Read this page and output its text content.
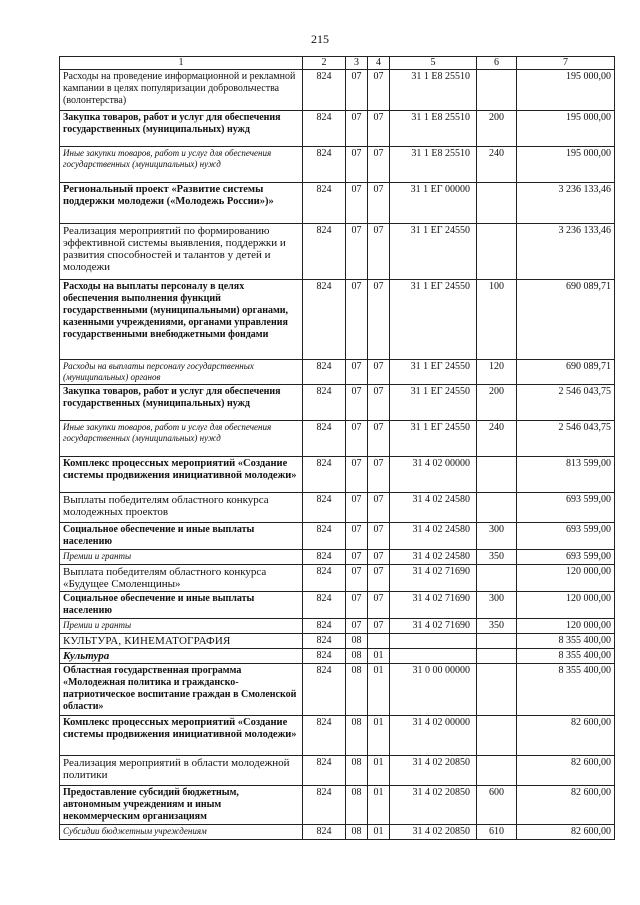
215
1	2	3	4	5	6	7
Расходы на проведение информационной и рекламной кампании в целях популяризации добровольчества (волонтерства)	824	07	07	31 1 Е8 25510		195 000,00
Закупка товаров, работ и услуг для обеспечения государственных (муниципальных) нужд	824	07	07	31 1 Е8 25510	200	195 000,00
Иные закупки товаров, работ и услуг для обеспечения государственных (муниципальных) нужд	824	07	07	31 1 Е8 25510	240	195 000,00
Региональный проект «Развитие системы поддержки молодежи («Молодежь России»)»	824	07	07	31 1 ЕГ 00000		3 236 133,46
Реализация мероприятий по формированию эффективной системы выявления, поддержки и развития способностей и талантов у детей и молодежи	824	07	07	31 1 ЕГ 24550		3 236 133,46
Расходы на выплаты персоналу в целях обеспечения выполнения функций государственными (муниципальными) органами, казенными учреждениями, органами управления государственными внебюджетными фондами	824	07	07	31 1 ЕГ 24550	100	690 089,71
Расходы на выплаты персоналу государственных (муниципальных) органов	824	07	07	31 1 ЕГ 24550	120	690 089,71
Закупка товаров, работ и услуг для обеспечения государственных (муниципальных) нужд	824	07	07	31 1 ЕГ 24550	200	2 546 043,75
Иные закупки товаров, работ и услуг для обеспечения государственных (муниципальных) нужд	824	07	07	31 1 ЕГ 24550	240	2 546 043,75
Комплекс процессных мероприятий «Создание системы продвижения инициативной молодежи»	824	07	07	31 4 02 00000		813 599,00
Выплаты победителям областного конкурса молодежных проектов	824	07	07	31 4 02 24580		693 599,00
Социальное обеспечение и иные выплаты населению	824	07	07	31 4 02 24580	300	693 599,00
Премии и гранты	824	07	07	31 4 02 24580	350	693 599,00
Выплата победителям областного конкурса «Будущее Смоленщины»	824	07	07	31 4 02 71690		120 000,00
Социальное обеспечение и иные выплаты населению	824	07	07	31 4 02 71690	300	120 000,00
Премии и гранты	824	07	07	31 4 02 71690	350	120 000,00
КУЛЬТУРА, КИНЕМАТОГРАФИЯ	824	08				8 355 400,00
Культура	824	08	01			8 355 400,00
Областная государственная программа «Молодежная политика и гражданско-патриотическое воспитание граждан в Смоленской области»	824	08	01	31 0 00 00000		8 355 400,00
Комплекс процессных мероприятий «Создание системы продвижения инициативной молодежи»	824	08	01	31 4 02 00000		82 600,00
Реализация мероприятий в области молодежной политики	824	08	01	31 4 02 20850		82 600,00
Предоставление субсидий бюджетным, автономным учреждениям и иным некоммерческим организациям	824	08	01	31 4 02 20850	600	82 600,00
Субсидии бюджетным учреждениям	824	08	01	31 4 02 20850	610	82 600,00
